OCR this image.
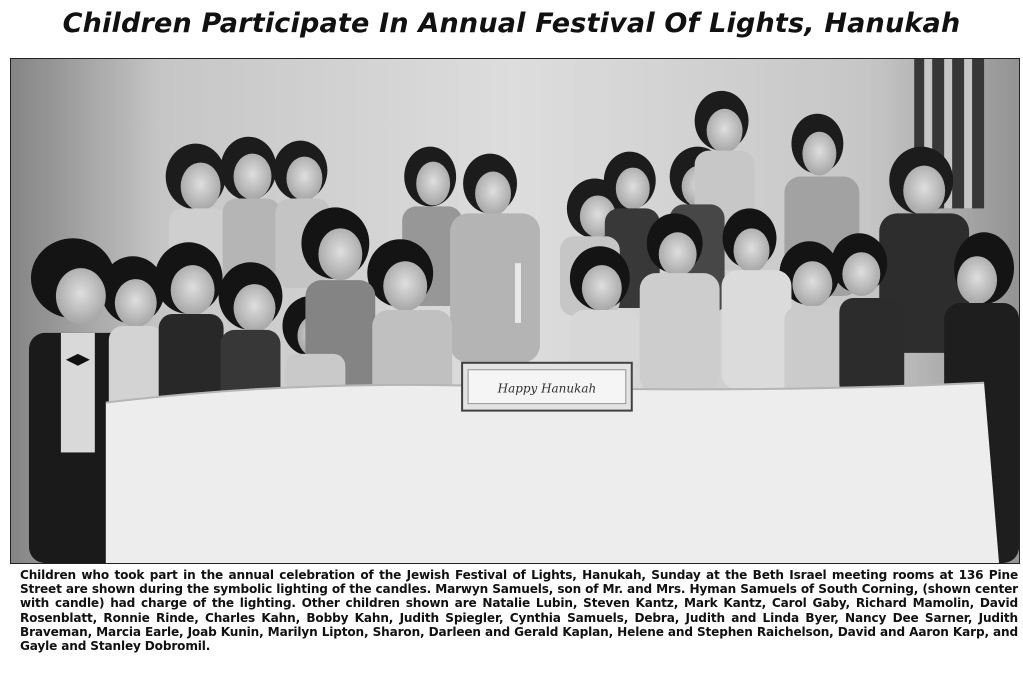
Children Participate In Annual Festival Of Lights, Hanukah
Happy Hanukah
Children who took part in the annual celebration of the Jewish Festival of Lights, Hanukah, Sunday at the Beth Israel meeting rooms at 136 Pine Street are shown during the symbolic lighting of the candles. Marwyn Samuels, son of Mr. and Mrs. Hyman Samuels of South Corning, (shown center with candle) had charge of the lighting. Other children shown are Natalie Lubin, Steven Kantz, Mark Kantz, Carol Gaby, Richard Mamolin, David Rosenblatt, Ronnie Rinde, Charles Kahn, Bobby Kahn, Judith Spiegler, Cynthia Samuels, Debra, Judith and Linda Byer, Nancy Dee Sarner, Judith Braveman, Marcia Earle, Joab Kunin, Marilyn Lipton, Sharon, Darleen and Gerald Kaplan, Helene and Stephen Raichelson, David and Aaron Karp, and Gayle and Stanley Dobromil.
